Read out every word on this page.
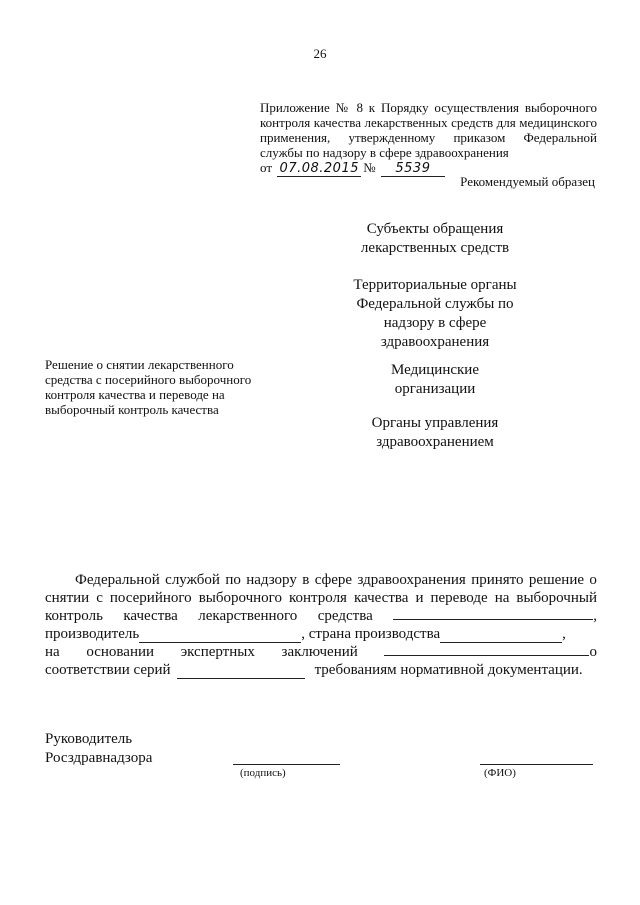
26
Приложение № 8 к Порядку осуществления выборочного
контроля качества лекарственных средств для медицинского
применения, утвержденному приказом Федеральной
службы по надзору в сфере здравоохранения
от 07.08.2015 № 5539
Рекомендуемый образец
Субъекты обращения
лекарственных средств
Территориальные органы
Федеральной службы по
надзору в сфере
здравоохранения
Медицинские
организации
Органы управления
здравоохранением
Решение о снятии лекарственного средства с посерийного выборочного контроля качества и переводе на выборочный контроль качества
Федеральной службой по надзору в сфере здравоохранения принято решение о
снятии с посерийного выборочного контроля качества и переводе на выборочный
контроль качества лекарственного средства	,
производитель	, страна производства	,
на основании экспертных заключений	о
соответствии серий	требованиям нормативной документации.
Руководитель
Росздравнадзора
(подпись)	(ФИО)
